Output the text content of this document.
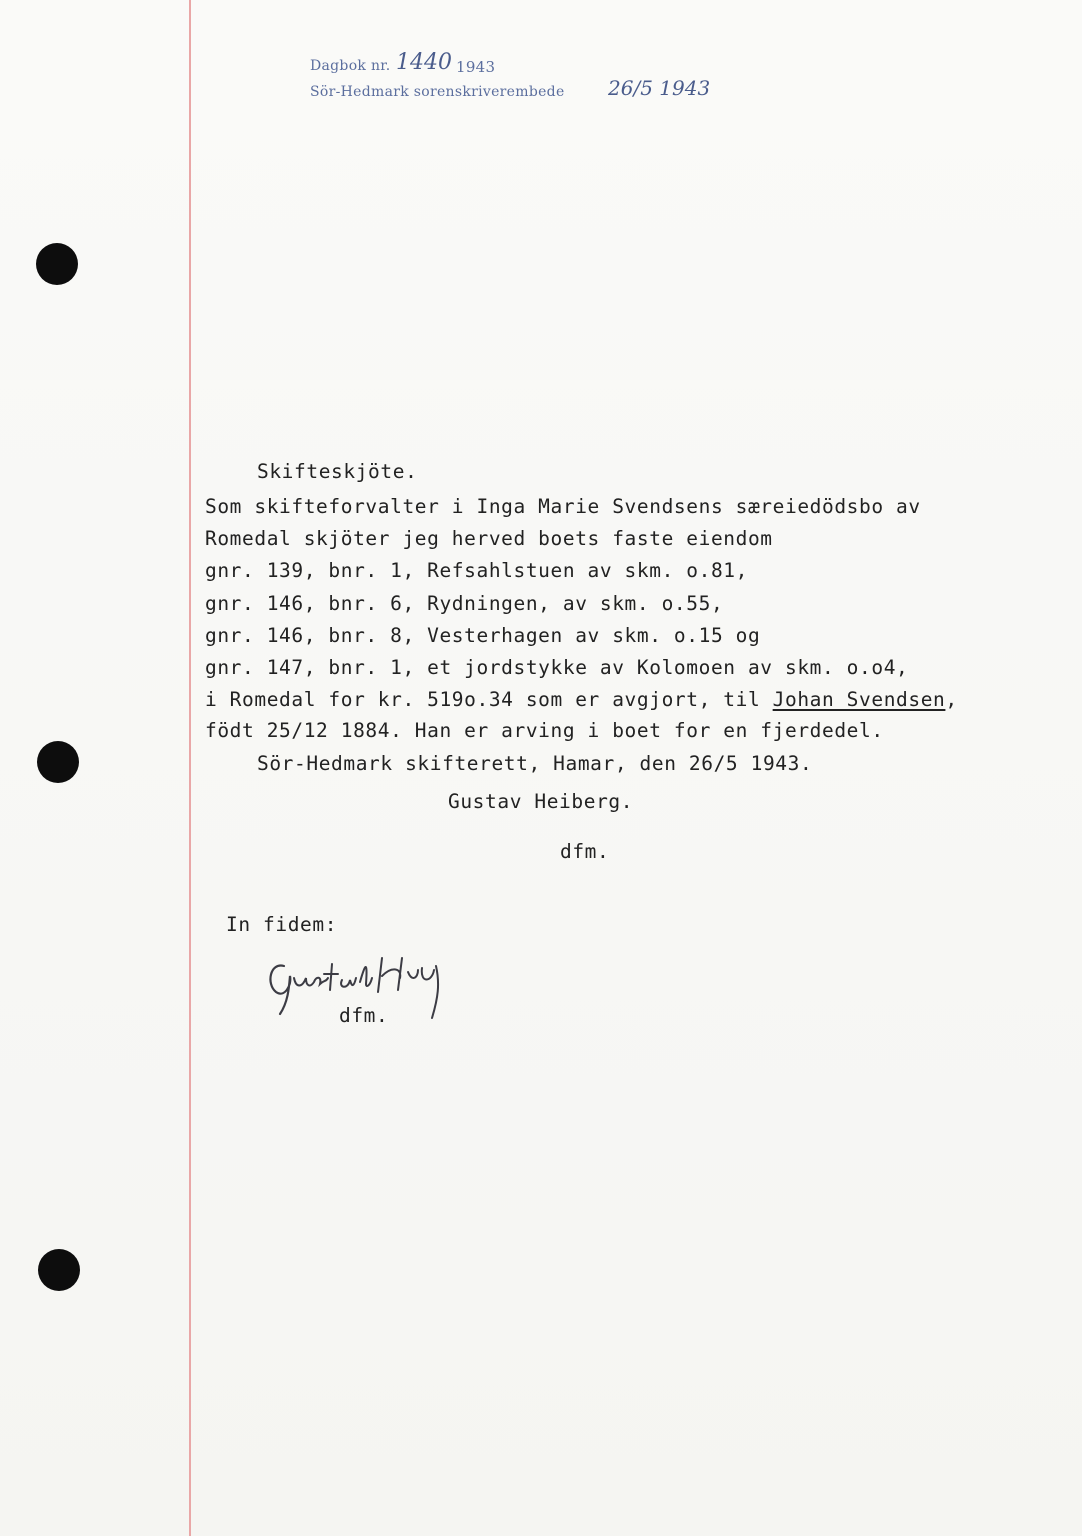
Dagbok nr. 1440 1943
Sör-Hedmark sorenskriverembede 26/5 1943
Skifteskjöte.
Som skifteforvalter i Inga Marie Svendsens særeiedödsbo av
Romedal skjöter jeg herved boets faste eiendom
gnr. 139, bnr. 1, Refsahlstuen av skm. o.81,
gnr. 146, bnr. 6, Rydningen, av skm. o.55,
gnr. 146, bnr. 8, Vesterhagen av skm. o.15 og
gnr. 147, bnr. 1, et jordstykke av Kolomoen av skm. o.o4,
i Romedal for kr. 519o.34 som er avgjort, til Johan Svendsen,
födt 25/12 1884. Han er arving i boet for en fjerdedel.
Sör-Hedmark skifterett, Hamar, den 26/5 1943.
Gustav Heiberg.
dfm.
In fidem:
dfm.
